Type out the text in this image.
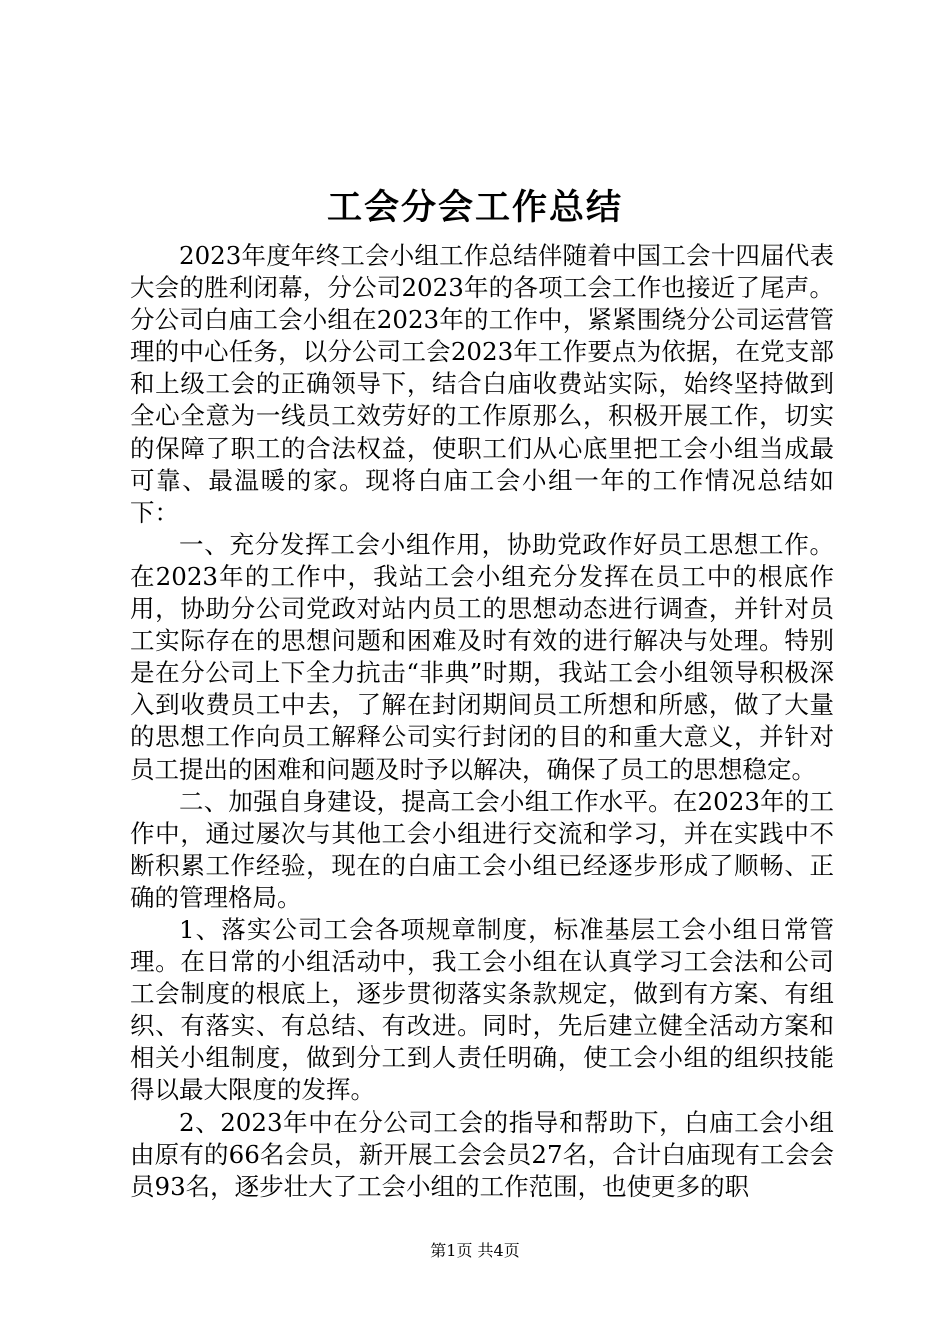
工会分会工作总结

2023年度年终工会小组工作总结伴随着中国工会十四届代表大会的胜利闭幕，分公司2023年的各项工会工作也接近了尾声。分公司白庙工会小组在2023年的工作中，紧紧围绕分公司运营管理的中心任务，以分公司工会2023年工作要点为依据，在党支部和上级工会的正确领导下，结合白庙收费站实际，始终坚持做到全心全意为一线员工效劳好的工作原那么，积极开展工作，切实的保障了职工的合法权益，使职工们从心底里把工会小组当成最可靠、最温暖的家。现将白庙工会小组一年的工作情况总结如下：

一、充分发挥工会小组作用，协助党政作好员工思想工作。在2023年的工作中，我站工会小组充分发挥在员工中的根底作用，协助分公司党政对站内员工的思想动态进行调查，并针对员工实际存在的思想问题和困难及时有效的进行解决与处理。特别是在分公司上下全力抗击“非典”时期，我站工会小组领导积极深入到收费员工中去，了解在封闭期间员工所想和所感，做了大量的思想工作向员工解释公司实行封闭的目的和重大意义，并针对员工提出的困难和问题及时予以解决，确保了员工的思想稳定。

二、加强自身建设，提高工会小组工作水平。在2023年的工作中，通过屡次与其他工会小组进行交流和学习，并在实践中不断积累工作经验，现在的白庙工会小组已经逐步形成了顺畅、正确的管理格局。

1、落实公司工会各项规章制度，标准基层工会小组日常管理。在日常的小组活动中，我工会小组在认真学习工会法和公司工会制度的根底上，逐步贯彻落实条款规定，做到有方案、有组织、有落实、有总结、有改进。同时，先后建立健全活动方案和相关小组制度，做到分工到人责任明确，使工会小组的组织技能得以最大限度的发挥。

2、2023年中在分公司工会的指导和帮助下，白庙工会小组由原有的66名会员，新开展工会会员27名，合计白庙现有工会会员93名，逐步壮大了工会小组的工作范围，也使更多的职

第1页 共4页
